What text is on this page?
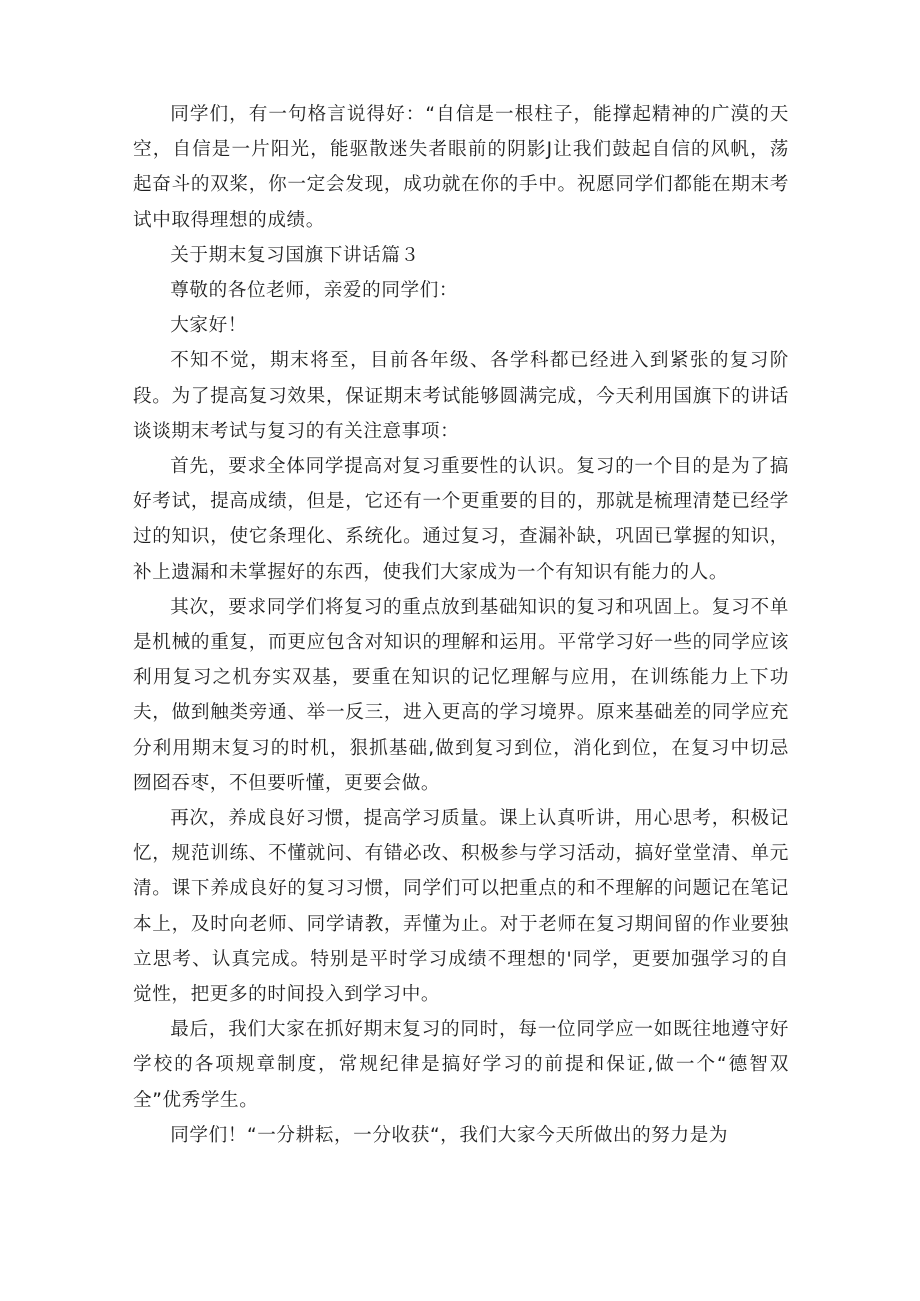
同学们，有一句格言说得好：“自信是一根柱子，能撑起精神的广漠的天空，自信是一片阳光，能驱散迷失者眼前的阴影J让我们鼓起自信的风帆，荡起奋斗的双桨，你一定会发现，成功就在你的手中。祝愿同学们都能在期末考试中取得理想的成绩。

关于期末复习国旗下讲话篇３

尊敬的各位老师，亲爱的同学们：

大家好！

不知不觉，期末将至，目前各年级、各学科都已经进入到紧张的复习阶段。为了提高复习效果，保证期末考试能够圆满完成，今天利用国旗下的讲话谈谈期末考试与复习的有关注意事项：

首先，要求全体同学提高对复习重要性的认识。复习的一个目的是为了搞好考试，提高成绩，但是，它还有一个更重要的目的，那就是梳理清楚已经学过的知识，使它条理化、系统化。通过复习，查漏补缺，巩固已掌握的知识，补上遗漏和未掌握好的东西，使我们大家成为一个有知识有能力的人。

其次，要求同学们将复习的重点放到基础知识的复习和巩固上。复习不单是机械的重复，而更应包含对知识的理解和运用。平常学习好一些的同学应该利用复习之机夯实双基，要重在知识的记忆理解与应用，在训练能力上下功夫，做到触类旁通、举一反三，进入更高的学习境界。原来基础差的同学应充分利用期末复习的时机，狠抓基础,做到复习到位，消化到位，在复习中切忌囫囵吞枣，不但要听懂，更要会做。

再次，养成良好习惯，提高学习质量。课上认真听讲，用心思考，积极记忆，规范训练、不懂就问、有错必改、积极参与学习活动，搞好堂堂清、单元清。课下养成良好的复习习惯，同学们可以把重点的和不理解的问题记在笔记本上，及时向老师、同学请教，弄懂为止。对于老师在复习期间留的作业要独立思考、认真完成。特别是平时学习成绩不理想的'同学，更要加强学习的自觉性，把更多的时间投入到学习中。

最后，我们大家在抓好期末复习的同时，每一位同学应一如既往地遵守好学校的各项规章制度，常规纪律是搞好学习的前提和保证,做一个“德智双全”优秀学生。

同学们！“一分耕耘，一分收获“，我们大家今天所做出的努力是为
